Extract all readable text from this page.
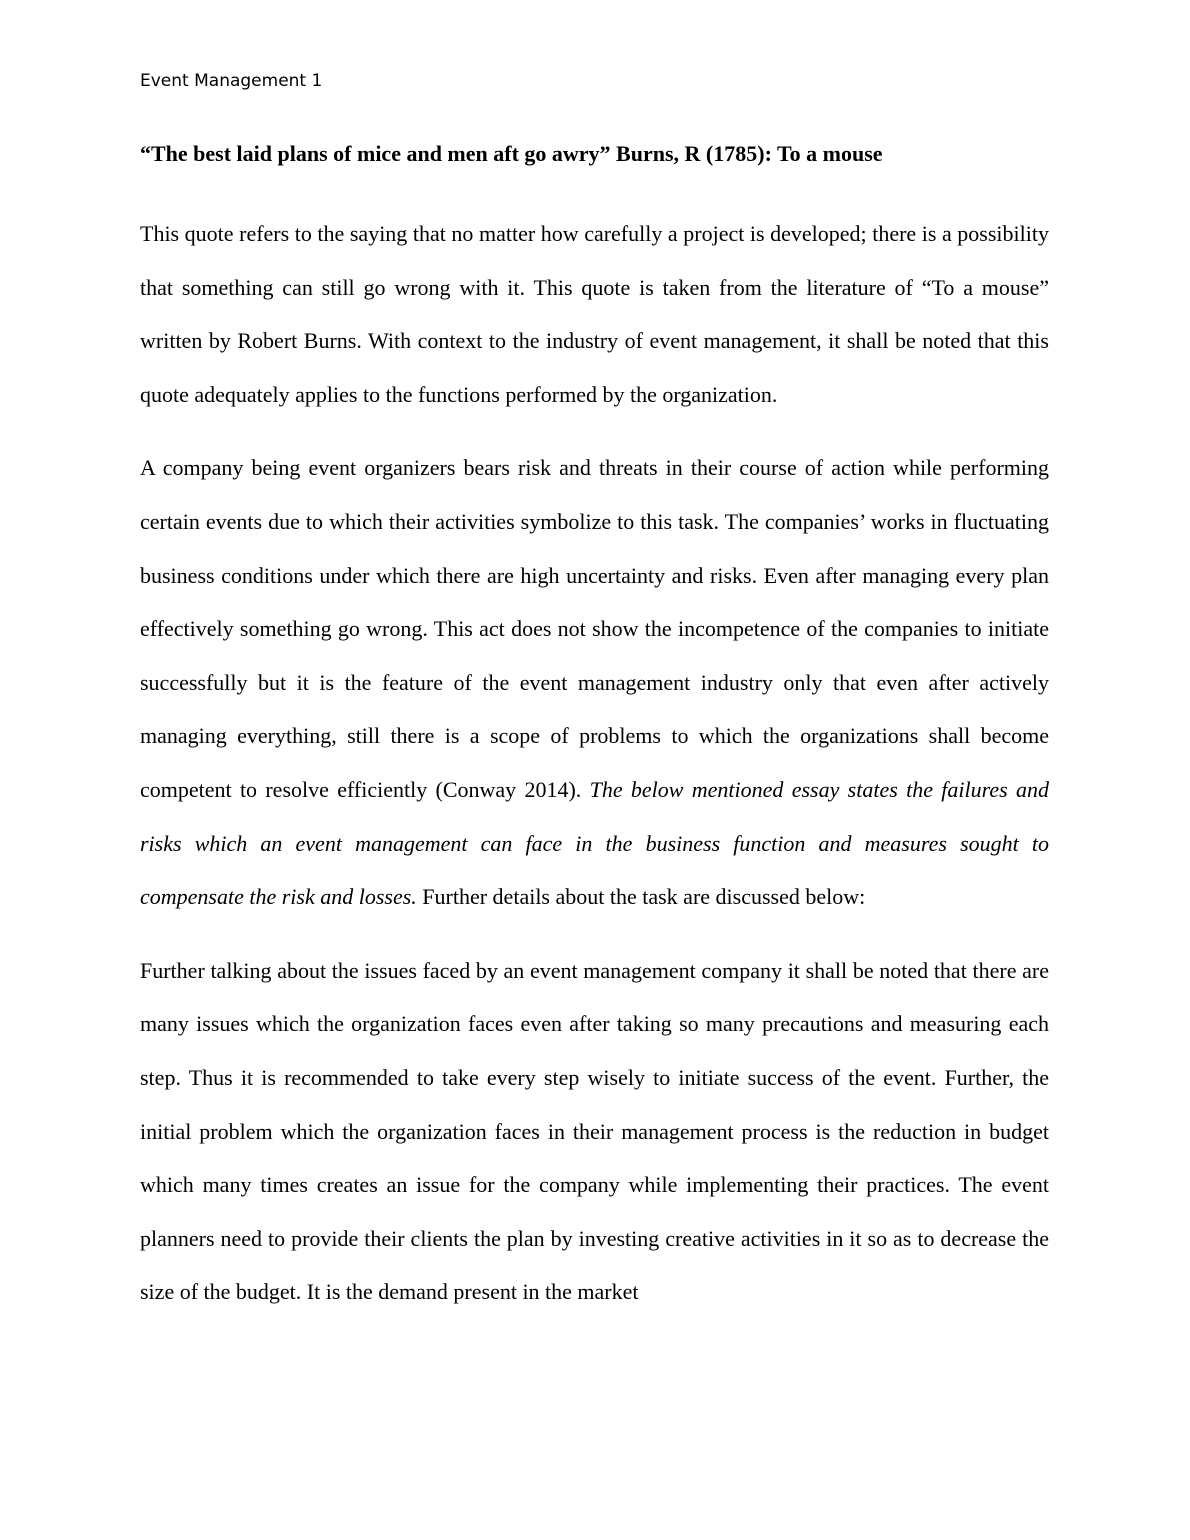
Event Management 1

“The best laid plans of mice and men aft go awry” Burns, R (1785): To a mouse

This quote refers to the saying that no matter how carefully a project is developed; there is a possibility that something can still go wrong with it. This quote is taken from the literature of “To a mouse” written by Robert Burns. With context to the industry of event management, it shall be noted that this quote adequately applies to the functions performed by the organization.

A company being event organizers bears risk and threats in their course of action while performing certain events due to which their activities symbolize to this task. The companies’ works in fluctuating business conditions under which there are high uncertainty and risks. Even after managing every plan effectively something go wrong. This act does not show the incompetence of the companies to initiate successfully but it is the feature of the event management industry only that even after actively managing everything, still there is a scope of problems to which the organizations shall become competent to resolve efficiently (Conway 2014). The below mentioned essay states the failures and risks which an event management can face in the business function and measures sought to compensate the risk and losses. Further details about the task are discussed below:

Further talking about the issues faced by an event management company it shall be noted that there are many issues which the organization faces even after taking so many precautions and measuring each step. Thus it is recommended to take every step wisely to initiate success of the event. Further, the initial problem which the organization faces in their management process is the reduction in budget which many times creates an issue for the company while implementing their practices. The event planners need to provide their clients the plan by investing creative activities in it so as to decrease the size of the budget. It is the demand present in the market
